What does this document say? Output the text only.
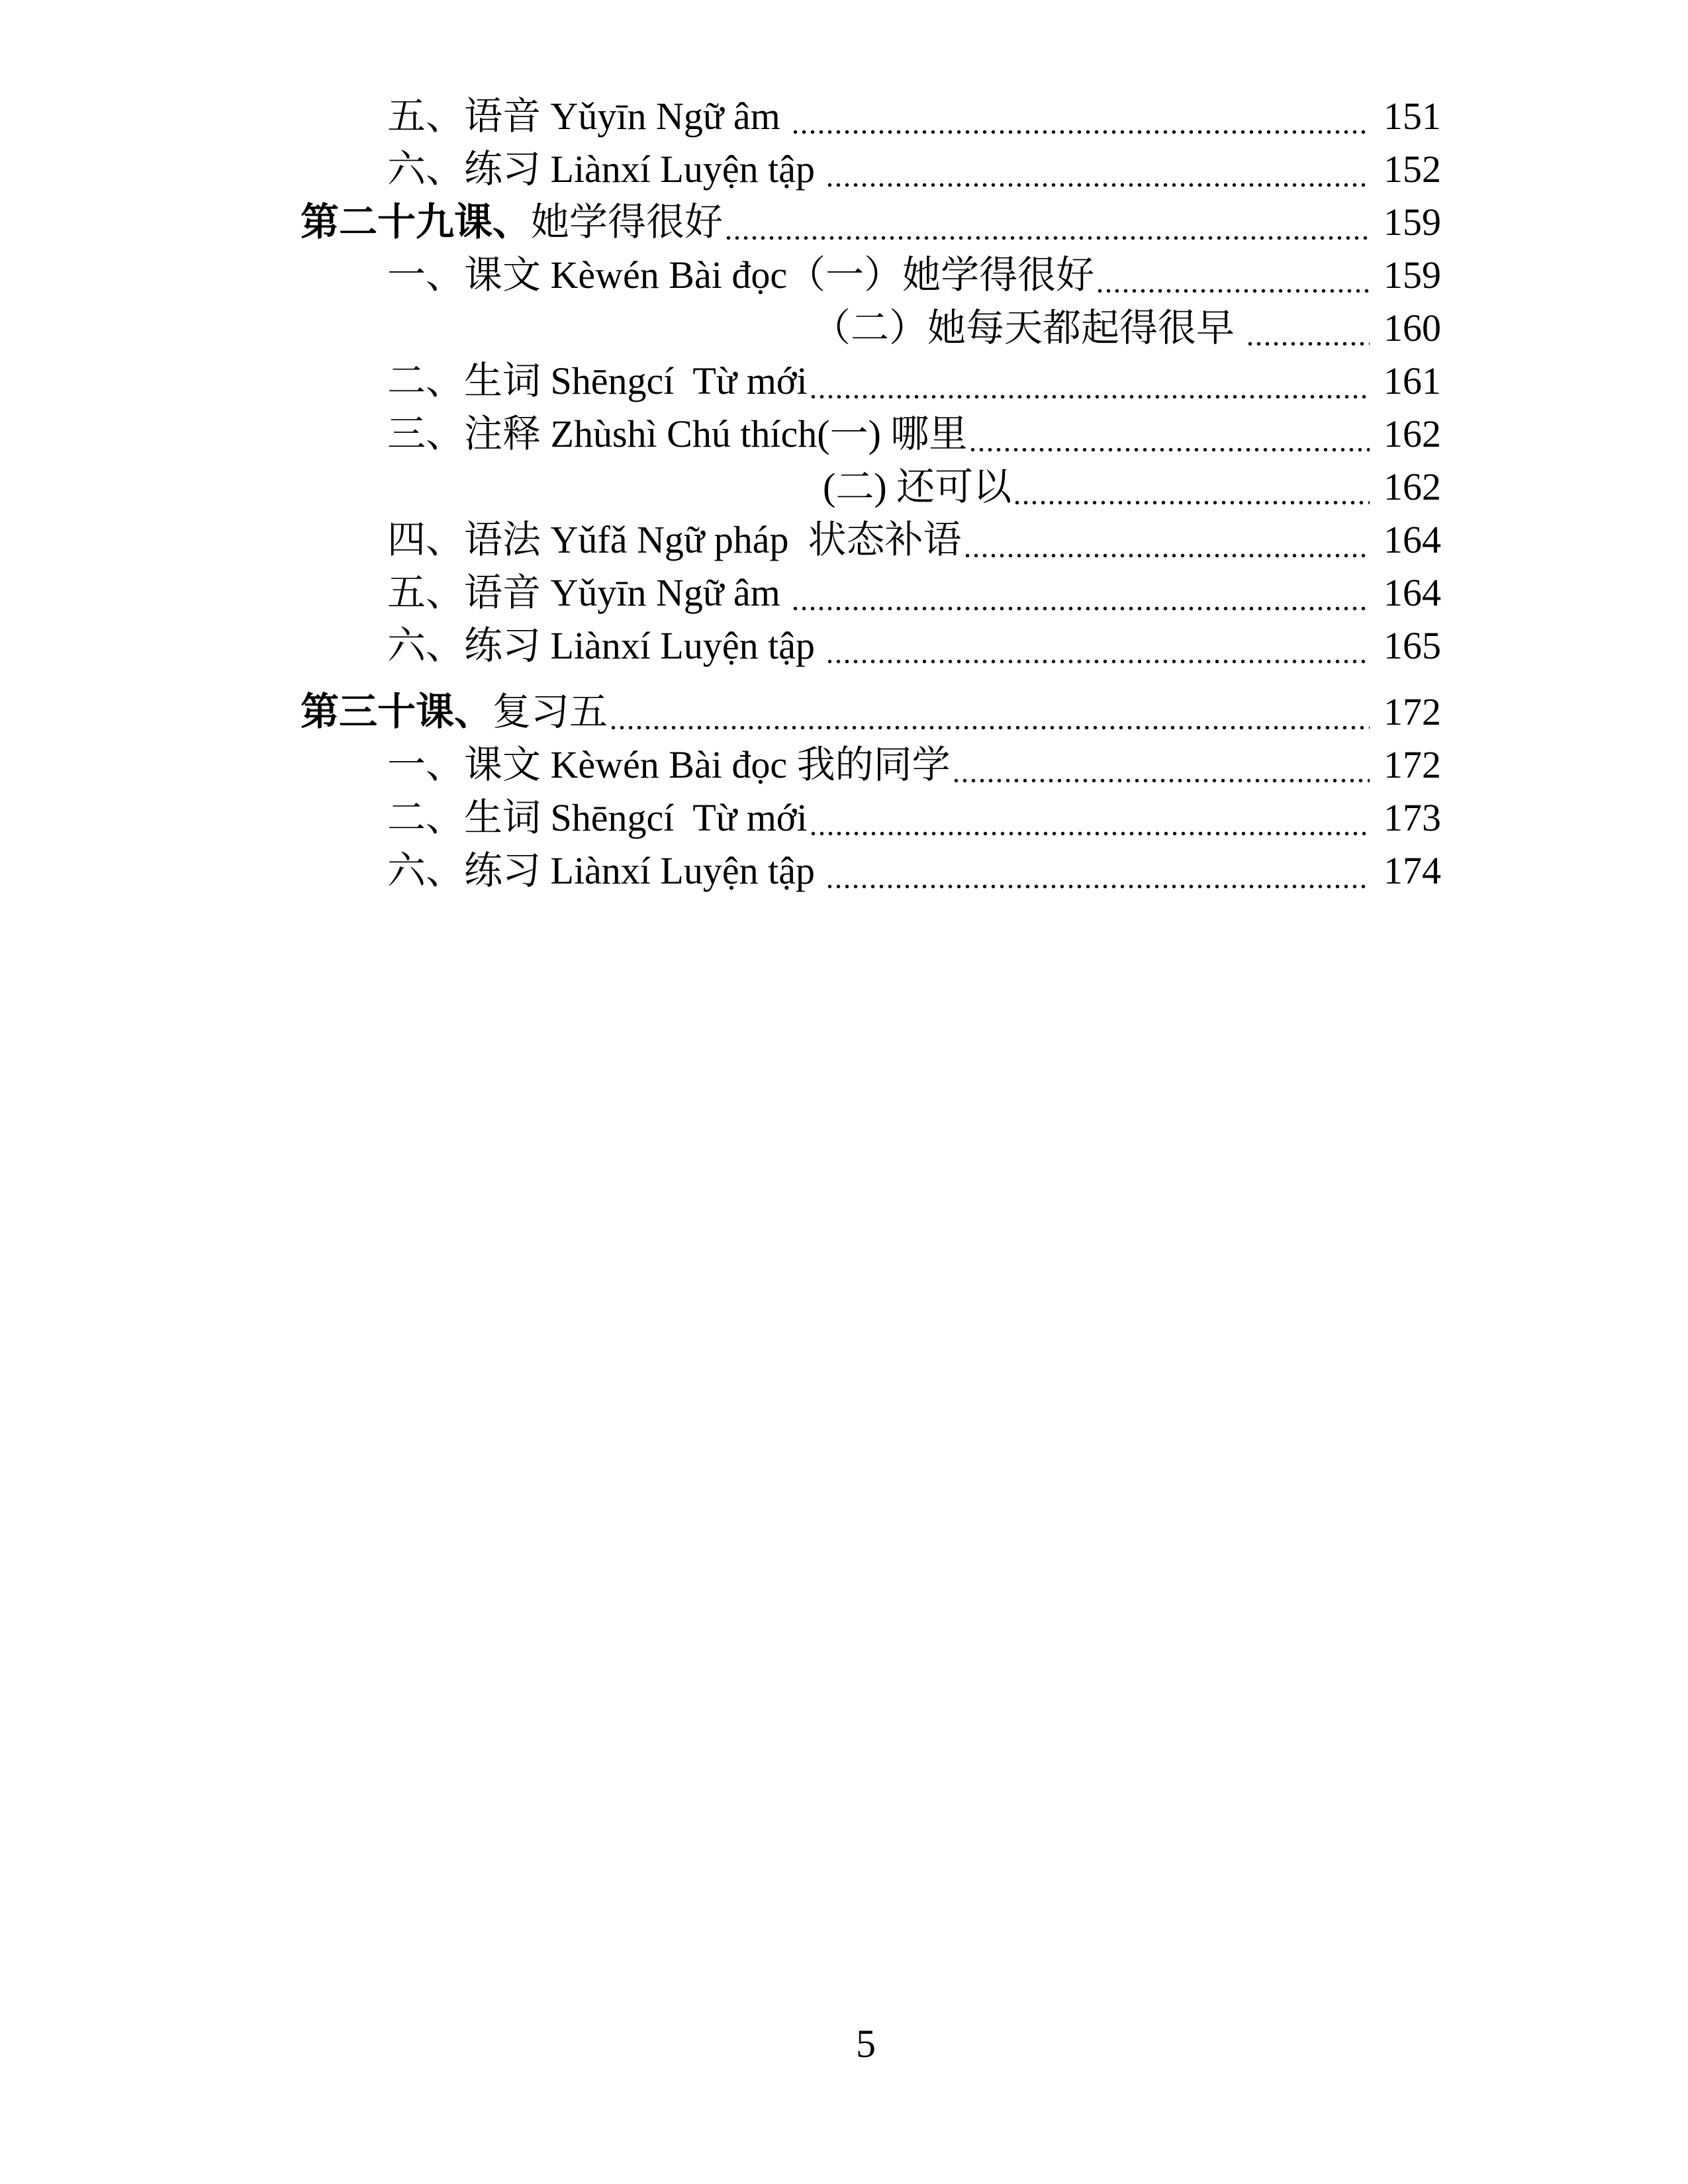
五、语音 Yǔyīn Ngữ âm	151
六、练习 Liànxí Luyện tập	152
第二十九课、 她学得很好	159
一、课文 Kèwén Bài đọc （一）她学得很好	159
（二）她每天都起得很早	160
二、生词 Shēngcí  Từ mới	161
三、注释 Zhùshì Chú thích (一) 哪里	162
(二) 还可以	162
四、语法 Yǔfǎ Ngữ pháp 状态补语	164
五、语音 Yǔyīn Ngữ âm	164
六、练习 Liànxí Luyện tập	165
第三十课、 复习五	172
一、课文 Kèwén Bài đọc 我的同学	172
二、生词 Shēngcí  Từ mới	173
六、练习 Liànxí Luyện tập	174
5
